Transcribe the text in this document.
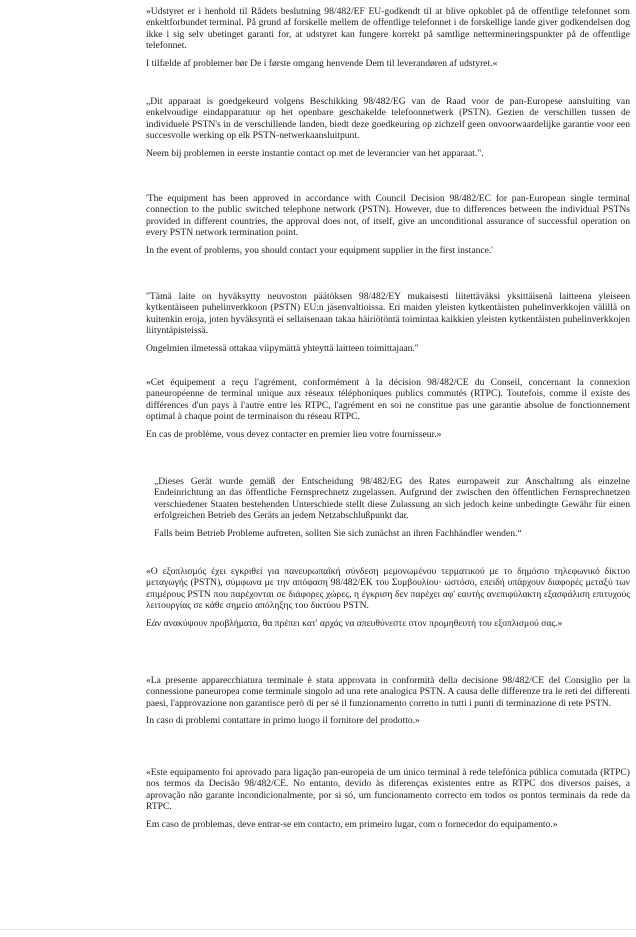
»Udstyret er i henhold til Rådets beslutning 98/482/EF EU-godkendt til at blive opkoblet på de offentlige telefonnet som enkeltforbundet terminal. På grund af forskelle mellem de offentlige telefonnet i de forskellige lande giver godkendelsen dog ikke i sig selv ubetinget garanti for, at udstyret kan fungere korrekt på samtlige nettermineringspunkter på de offentlige telefonnet.

I tilfælde af problemer bør De i første omgang henvende Dem til leverandøren af udstyret.«

„Dit apparaat is goedgekeurd volgens Beschikking 98/482/EG van de Raad voor de pan-Europese aansluiting van enkelvoudige eindapparatuur op het openbare geschakelde telefoonnetwerk (PSTN). Gezien de verschillen tussen de individuele PSTN's in de verschillende landen, biedt deze goedkeuring op zichzelf geen onvoorwaardelijke garantie voor een succesvolle werking op elk PSTN-netwerkaansluitpunt.

Neem bij problemen in eerste instantie contact op met de leverancier van het apparaat.".

'The equipment has been approved in accordance with Council Decision 98/482/EC for pan-European single terminal connection to the public switched telephone network (PSTN). However, due to differences between the individual PSTNs provided in different countries, the approval does not, of itself, give an unconditional assurance of successful operation on every PSTN network termination point.

In the event of problems, you should contact your equipment supplier in the first instance.'

"Tämä laite on hyväksytty neuvoston päätöksen 98/482/EY mukaisesti liitettäväksi yksittäisenä laitteena yleiseen kytkentäiseen puhelinverkkoon (PSTN) EU:n jäsenvaltioissa. Eri maiden yleisten kytkentäisten puhelinverkkojen välillä on kuitenkin eroja, joten hyväksyntä ei sellaisenaan takaa häiriötöntä toimintaa kaikkien yleisten kytkentäisten puhelinverkkojen liityntäpisteissä.

Ongelmien ilmetessä ottakaa viipymättä yhteyttä laitteen toimittajaan."

«Cet équipement a reçu l'agrément, conformément à la décision 98/482/CE du Conseil, concernant la connexion paneuropéenne de terminal unique aux réseaux téléphoniques publics commutés (RTPC). Toutefois, comme il existe des différences d'un pays à l'autre entre les RTPC, l'agrément en soi ne constitue pas une garantie absolue de fonctionnement optimal à chaque point de terminaison du réseau RTPC.

En cas de problème, vous devez contacter en premier lieu votre fournisseur.»

„Dieses Gerät wurde gemäß der Entscheidung 98/482/EG des Rates europaweit zur Anschaltung als einzelne Endeinrichtung an das öffentliche Fernsprechnetz zugelassen. Aufgrund der zwischen den öffentlichen Fernsprechnetzen verschiedener Staaten bestehenden Unterschiede stellt diese Zulassung an sich jedoch keine unbedingte Gewähr für einen erfolgreichen Betrieb des Geräts an jedem Netzabschlußpunkt dar.

Falls beim Betrieb Probleme auftreten, sollten Sie sich zunächst an ihren Fachhändler wenden.“

«Ο εξοπλισμός έχει εγκριθεί για πανευρωπαϊκή σύνδεση μεμονωμένου τερματικού με το δημόσιο τηλεφωνικό δίκτυο μεταγωγής (PSTN), σύμφωνα με την απόφαση 98/482/ΕΚ του Συμβουλίου· ωστόσο, επειδή υπάρχουν διαφορές μεταξύ των επιμέρους PSTN που παρέχονται σε διάφορες χώρες, η έγκριση δεν παρέχει αφ' εαυτής ανεπιφύλακτη εξασφάλιση επιτυχούς λειτουργίας σε κάθε σημείο απόληξης του δικτύου PSTN.

Εάν ανακύψουν προβλήματα, θα πρέπει κατ' αρχάς να απευθύνεστε στον προμηθευτή του εξοπλισμού σας.»

«La presente apparecchiatura terminale è stata approvata in conformità della decisione 98/482/CE del Consiglio per la connessione paneuropea come terminale singolo ad una rete analogica PSTN. A causa delle differenze tra le reti dei differenti paesi, l'approvazione non garantisce però di per sé il funzionamento corretto in tutti i punti di terminazione di rete PSTN.

In caso di problemi contattare in primo luogo il fornitore del prodotto.»

«Este equipamento foi aprovado para ligação pan-europeia de um único terminal à rede telefónica pública comutada (RTPC) nos termos da Decisão 98/482/CE. No entanto, devido às diferenças existentes entre as RTPC dos diversos países, a aprovação não garante incondicionalmente, por si só, um funcionamento correcto em todos os pontos terminais da rede da RTPC.

Em caso de problemas, deve entrar-se em contacto, em primeiro lugar, com o fornecedor do equipamento.»
